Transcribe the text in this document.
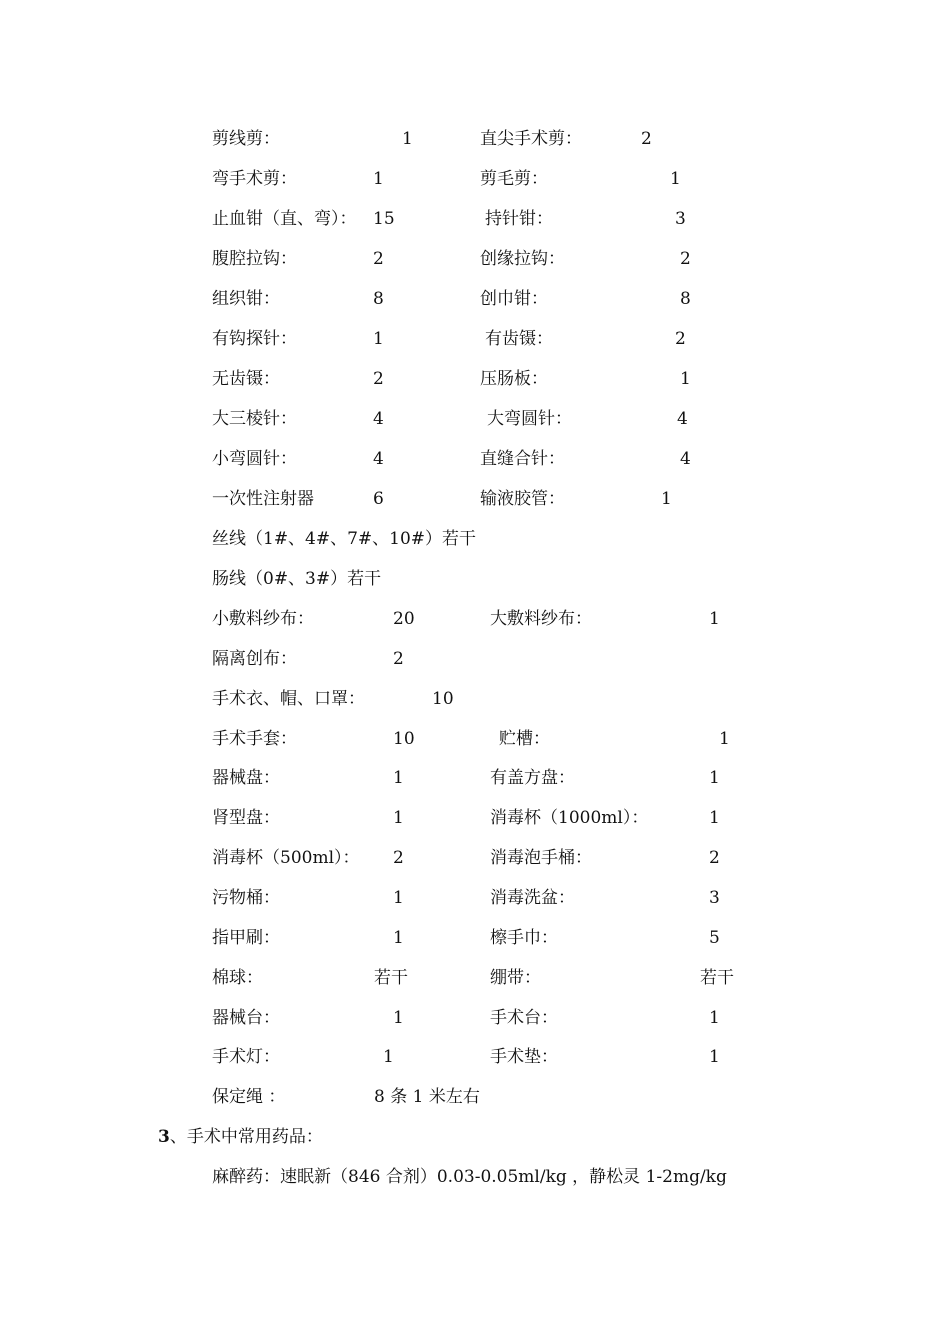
剪线剪：	1	直尖手术剪：	2
弯手术剪：	1	剪毛剪：	1
止血钳（直、弯）： 15	持针钳：	3
腹腔拉钩：	2	创缘拉钩：	2
组织钳：	8	创巾钳：	8
有钩探针：	1	有齿镊：	2
无齿镊：	2	压肠板：	1
大三棱针：	4	大弯圆针：	4
小弯圆针：	4	直缝合针：	4
一次性注射器	6	输液胶管：	1
丝线（1#、4#、7#、10#） 若干
肠线（0#、3#）若干
小敷料纱布：	20	大敷料纱布：	1
隔离创布：	2
手术衣、帽、口罩：	10
手术手套：	10	贮槽：	1
器械盘：	1	有盖方盘：	1
肾型盘：	1	消毒杯（1000ml）：	1
消毒杯（500ml）： 2	消毒泡手桶：	2
污物桶：	1	消毒洗盆：	3
指甲刷：	1	檫手巾：	5
棉球：	若干	绷带：	若干
器械台：	1	手术台：	1
手术灯：	1	手术垫：	1
保定绳 ：	8 条 1 米左右
3、手术中常用药品：
麻醉药：速眠新（846 合剂）0.03-0.05ml/kg ，静松灵 1-2mg/kg
